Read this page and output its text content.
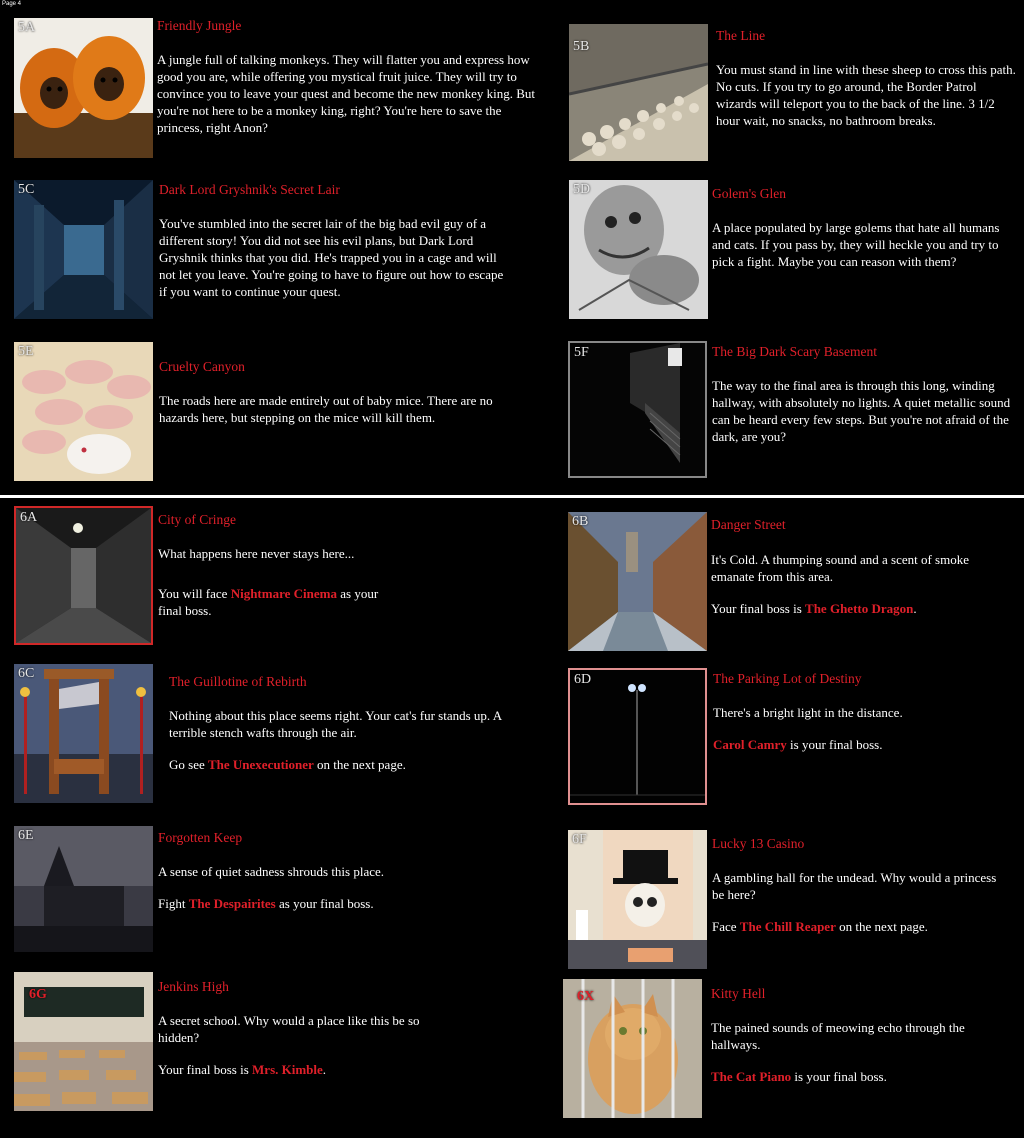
Page 4
5A	Friendly Jungle
A jungle full of talking monkeys. They will flatter you and express how good you are, while offering you mystical fruit juice. They will try to convince you to leave your quest and become the new monkey king. But you're not here to be a monkey king, right? You're here to save the princess, right Anon?
5B
The Line
You must stand in line with these sheep to cross this path. No cuts. If you try to go around, the Border Patrol wizards will teleport you to the back of the line. 3 1/2 hour wait, no snacks, no bathroom breaks.
5C	Dark Lord Gryshnik's Secret Lair
You've stumbled into the secret lair of the big bad evil guy of a different story! You did not see his evil plans, but Dark Lord Gryshnik thinks that you did. He's trapped you in a cage and will not let you leave. You're going to have to figure out how to escape if you want to continue your quest.
5D	Golem's Glen
A place populated by large golems that hate all humans and cats. If you pass by, they will heckle you and try to pick a fight. Maybe you can reason with them?
5E
Cruelty Canyon
The roads here are made entirely out of baby mice. There are no hazards here, but stepping on the mice will kill them.
5F	The Big Dark Scary Basement
The way to the final area is through this long, winding hallway, with absolutely no lights. A quiet metallic sound can be heard every few steps. But you're not afraid of the dark, are you?
6A	City of Cringe

What happens here never stays here...

You will face Nightmare Cinema as your final boss.

6B	Danger Street

It's Cold. A thumping sound and a scent of smoke emanate from this area.

Your final boss is The Ghetto Dragon.

6C
The Guillotine of Rebirth

Nothing about this place seems right. Your cat's fur stands up. A terrible stench wafts through the air.

Go see The Unexecutioner on the next page.

6D	The Parking Lot of Destiny

There's a bright light in the distance.

Carol Camry is your final boss.

6E	Forgotten Keep

A sense of quiet sadness shrouds this place.

Fight The Despairites as your final boss.

6F	Lucky 13 Casino

A gambling hall for the undead. Why would a princess be here?

Face The Chill Reaper on the next page.

6G
Jenkins High

A secret school. Why would a place like this be so hidden?

Your final boss is Mrs. Kimble.

6X	Kitty Hell

The pained sounds of meowing echo through the hallways.

The Cat Piano is your final boss.
